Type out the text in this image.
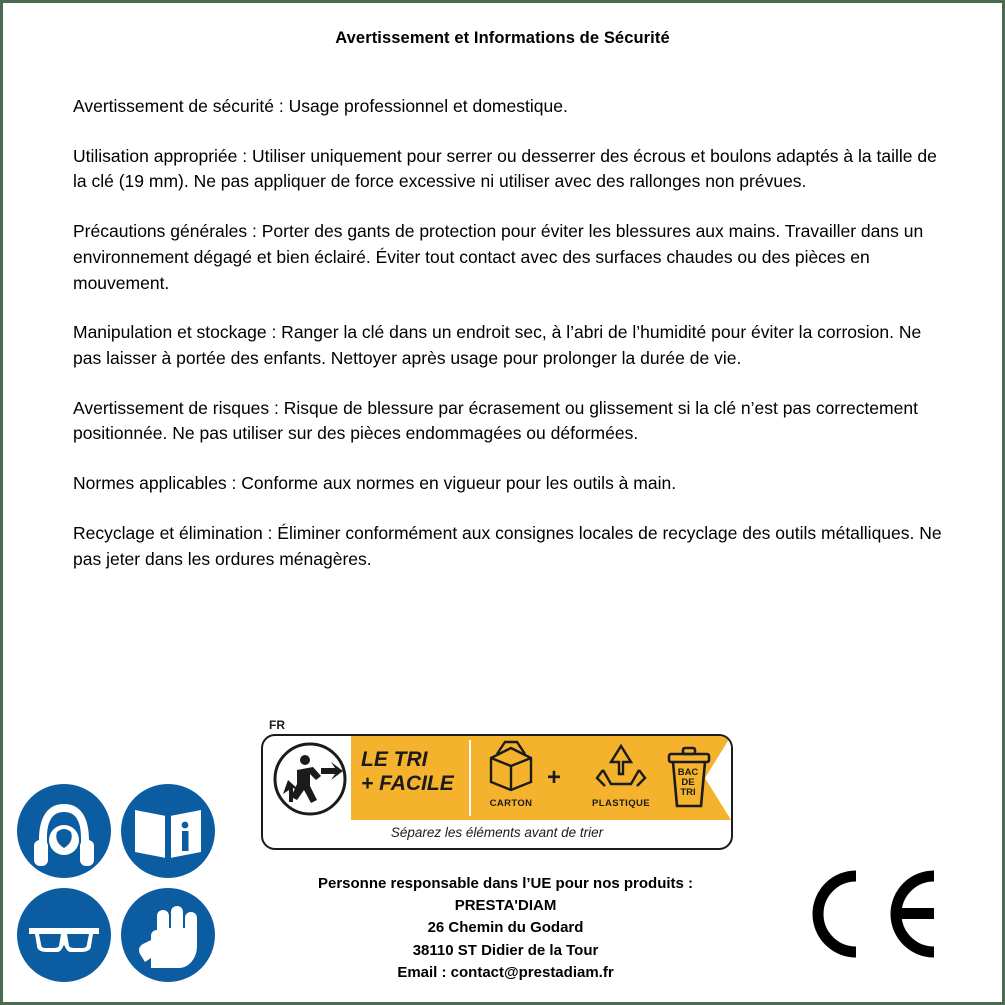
Avertissement et Informations de Sécurité

Avertissement de sécurité : Usage professionnel et domestique.

Utilisation appropriée : Utiliser uniquement pour serrer ou desserrer des écrous et boulons adaptés à la taille de la clé (19 mm). Ne pas appliquer de force excessive ni utiliser avec des rallonges non prévues.

Précautions générales : Porter des gants de protection pour éviter les blessures aux mains. Travailler dans un environnement dégagé et bien éclairé. Éviter tout contact avec des surfaces chaudes ou des pièces en mouvement.

Manipulation et stockage : Ranger la clé dans un endroit sec, à l’abri de l’humidité pour éviter la corrosion. Ne pas laisser à portée des enfants. Nettoyer après usage pour prolonger la durée de vie.

Avertissement de risques : Risque de blessure par écrasement ou glissement si la clé n’est pas correctement positionnée. Ne pas utiliser sur des pièces endommagées ou déformées.

Normes applicables : Conforme aux normes en vigueur pour les outils à main.

Recyclage et élimination : Éliminer conformément aux consignes locales de recyclage des outils métalliques. Ne pas jeter dans les ordures ménagères.

FR
LE TRI
+ FACILE
CARTON
+
PLASTIQUE
BAC
DE
TRI
Séparez les éléments avant de trier
Personne responsable dans l’UE pour nos produits :
PRESTA'DIAM
26 Chemin du Godard
38110 ST Didier de la Tour
Email : contact@prestadiam.fr
